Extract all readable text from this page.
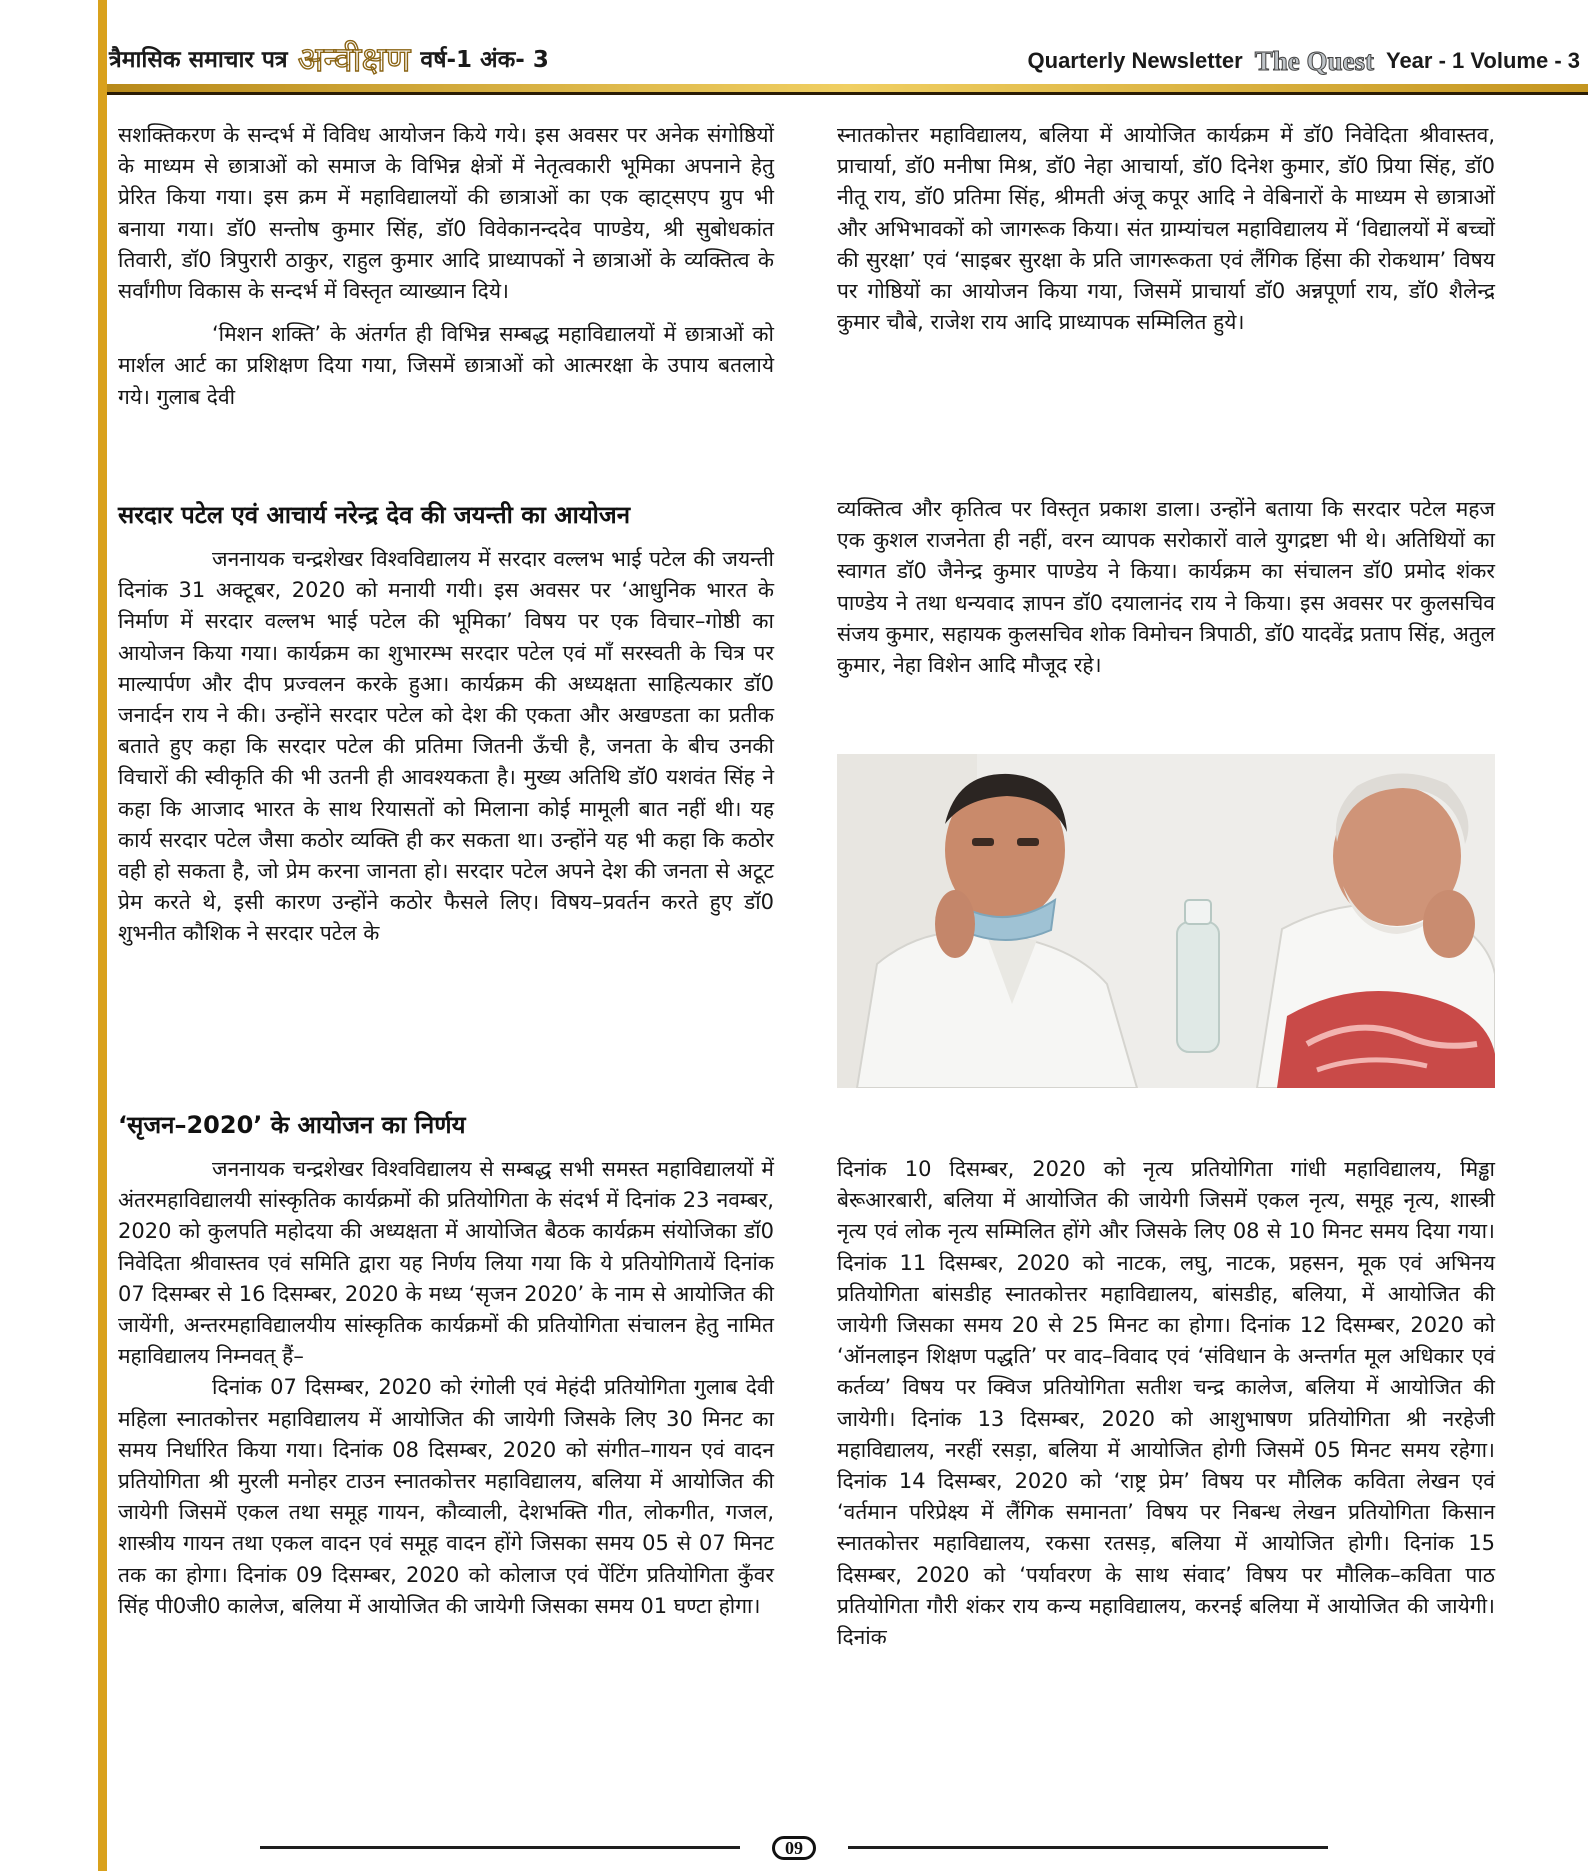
त्रैमासिक समाचार पत्र अन्वीक्षण वर्ष-1 अंक- 3	Quarterly Newsletter The Quest Year - 1 Volume - 3

सशक्तिकरण के सन्दर्भ में विविध आयोजन किये गये। इस अवसर पर अनेक संगोष्ठियों के माध्यम से छात्राओं को समाज के विभिन्न क्षेत्रों में नेतृत्वकारी भूमिका अपनाने हेतु प्रेरित किया गया। इस क्रम में महाविद्यालयों की छात्राओं का एक व्हाट्सएप ग्रुप भी बनाया गया। डॉ0 सन्तोष कुमार सिंह, डॉ0 विवेकानन्ददेव पाण्डेय, श्री सुबोधकांत तिवारी, डॉ0 त्रिपुरारी ठाकुर, राहुल कुमार आदि प्राध्यापकों ने छात्राओं के व्यक्तित्व के सर्वांगीण विकास के सन्दर्भ में विस्तृत व्याख्यान दिये।

‘मिशन शक्ति’ के अंतर्गत ही विभिन्न सम्बद्ध महाविद्यालयों में छात्राओं को मार्शल आर्ट का प्रशिक्षण दिया गया, जिसमें छात्राओं को आत्मरक्षा के उपाय बतलाये गये। गुलाब देवी

स्नातकोत्तर महाविद्यालय, बलिया में आयोजित कार्यक्रम में डॉ0 निवेदिता श्रीवास्तव, प्राचार्या, डॉ0 मनीषा मिश्र, डॉ0 नेहा आचार्या, डॉ0 दिनेश कुमार, डॉ0 प्रिया सिंह, डॉ0 नीतू राय, डॉ0 प्रतिमा सिंह, श्रीमती अंजू कपूर आदि ने वेबिनारों के माध्यम से छात्राओं और अभिभावकों को जागरूक किया। संत ग्राम्यांचल महाविद्यालय में ‘विद्यालयों में बच्चों की सुरक्षा’ एवं ‘साइबर सुरक्षा के प्रति जागरूकता एवं लैंगिक हिंसा की रोकथाम’ विषय पर गोष्ठियों का आयोजन किया गया, जिसमें प्राचार्या डॉ0 अन्नपूर्णा राय, डॉ0 शैलेन्द्र कुमार चौबे, राजेश राय आदि प्राध्यापक सम्मिलित हुये।

सरदार पटेल एवं आचार्य नरेन्द्र देव की जयन्ती का आयोजन

जननायक चन्द्रशेखर विश्वविद्यालय में सरदार वल्लभ भाई पटेल की जयन्ती दिनांक 31 अक्टूबर, 2020 को मनायी गयी। इस अवसर पर ‘आधुनिक भारत के निर्माण में सरदार वल्लभ भाई पटेल की भूमिका’ विषय पर एक विचार–गोष्ठी का आयोजन किया गया। कार्यक्रम का शुभारम्भ सरदार पटेल एवं माँ सरस्वती के चित्र पर माल्यार्पण और दीप प्रज्वलन करके हुआ। कार्यक्रम की अध्यक्षता साहित्यकार डॉ0 जनार्दन राय ने की। उन्होंने सरदार पटेल को देश की एकता और अखण्डता का प्रतीक बताते हुए कहा कि सरदार पटेल की प्रतिमा जितनी ऊँची है, जनता के बीच उनकी विचारों की स्वीकृति की भी उतनी ही आवश्यकता है। मुख्य अतिथि डॉ0 यशवंत सिंह ने कहा कि आजाद भारत के साथ रियासतों को मिलाना कोई मामूली बात नहीं थी। यह कार्य सरदार पटेल जैसा कठोर व्यक्ति ही कर सकता था। उन्होंने यह भी कहा कि कठोर वही हो सकता है, जो प्रेम करना जानता हो। सरदार पटेल अपने देश की जनता से अटूट प्रेम करते थे, इसी कारण उन्होंने कठोर फैसले लिए। विषय–प्रवर्तन करते हुए डॉ0 शुभनीत कौशिक ने सरदार पटेल के

व्यक्तित्व और कृतित्व पर विस्तृत प्रकाश डाला। उन्होंने बताया कि सरदार पटेल महज एक कुशल राजनेता ही नहीं, वरन व्यापक सरोकारों वाले युगद्रष्टा भी थे। अतिथियों का स्वागत डॉ0 जैनेन्द्र कुमार पाण्डेय ने किया। कार्यक्रम का संचालन डॉ0 प्रमोद शंकर पाण्डेय ने तथा धन्यवाद ज्ञापन डॉ0 दयालानंद राय ने किया। इस अवसर पर कुलसचिव संजय कुमार, सहायक कुलसचिव शोक विमोचन त्रिपाठी, डॉ0 यादवेंद्र प्रताप सिंह, अतुल कुमार, नेहा विशेन आदि मौजूद रहे।

‘सृजन–2020’ के आयोजन का निर्णय

जननायक चन्द्रशेखर विश्वविद्यालय से सम्बद्ध सभी समस्त महाविद्यालयों में अंतरमहाविद्यालयी सांस्कृतिक कार्यक्रमों की प्रतियोगिता के संदर्भ में दिनांक 23 नवम्बर, 2020 को कुलपति महोदया की अध्यक्षता में आयोजित बैठक कार्यक्रम संयोजिका डॉ0 निवेदिता श्रीवास्तव एवं समिति द्वारा यह निर्णय लिया गया कि ये प्रतियोगितायें दिनांक 07 दिसम्बर से 16 दिसम्बर, 2020 के मध्य ‘सृजन 2020’ के नाम से आयोजित की जायेंगी, अन्तरमहाविद्यालयीय सांस्कृतिक कार्यक्रमों की प्रतियोगिता संचालन हेतु नामित महाविद्यालय निम्नवत् हैं–

दिनांक 07 दिसम्बर, 2020 को रंगोली एवं मेहंदी प्रतियोगिता गुलाब देवी महिला स्नातकोत्तर महाविद्यालय में आयोजित की जायेगी जिसके लिए 30 मिनट का समय निर्धारित किया गया। दिनांक 08 दिसम्बर, 2020 को संगीत–गायन एवं वादन प्रतियोगिता श्री मुरली मनोहर टाउन स्नातकोत्तर महाविद्यालय, बलिया में आयोजित की जायेगी जिसमें एकल तथा समूह गायन, कौव्वाली, देशभक्ति गीत, लोकगीत, गजल, शास्त्रीय गायन तथा एकल वादन एवं समूह वादन होंगे जिसका समय 05 से 07 मिनट तक का होगा। दिनांक 09 दिसम्बर, 2020 को कोलाज एवं पेंटिंग प्रतियोगिता कुँवर सिंह पी0जी0 कालेज, बलिया में आयोजित की जायेगी जिसका समय 01 घण्टा होगा।

दिनांक 10 दिसम्बर, 2020 को नृत्य प्रतियोगिता गांधी महाविद्यालय, मिड्ढा बेरूआरबारी, बलिया में आयोजित की जायेगी जिसमें एकल नृत्य, समूह नृत्य, शास्त्री नृत्य एवं लोक नृत्य सम्मिलित होंगे और जिसके लिए 08 से 10 मिनट समय दिया गया। दिनांक 11 दिसम्बर, 2020 को नाटक, लघु, नाटक, प्रहसन, मूक एवं अभिनय प्रतियोगिता बांसडीह स्नातकोत्तर महाविद्यालय, बांसडीह, बलिया, में आयोजित की जायेगी जिसका समय 20 से 25 मिनट का होगा। दिनांक 12 दिसम्बर, 2020 को ‘ऑनलाइन शिक्षण पद्धति’ पर वाद–विवाद एवं ‘संविधान के अन्तर्गत मूल अधिकार एवं कर्तव्य’ विषय पर क्विज प्रतियोगिता सतीश चन्द्र कालेज, बलिया में आयोजित की जायेगी। दिनांक 13 दिसम्बर, 2020 को आशुभाषण प्रतियोगिता श्री नरहेजी महाविद्यालय, नरहीं रसड़ा, बलिया में आयोजित होगी जिसमें 05 मिनट समय रहेगा। दिनांक 14 दिसम्बर, 2020 को ‘राष्ट्र प्रेम’ विषय पर मौलिक कविता लेखन एवं ‘वर्तमान परिप्रेक्ष्य में लैंगिक समानता’ विषय पर निबन्ध लेखन प्रतियोगिता किसान स्नातकोत्तर महाविद्यालय, रकसा रतसड़, बलिया में आयोजित होगी। दिनांक 15 दिसम्बर, 2020 को ‘पर्यावरण के साथ संवाद’ विषय पर मौलिक–कविता पाठ प्रतियोगिता गौरी शंकर राय कन्य महाविद्यालय, करनई बलिया में आयोजित की जायेगी। दिनांक

09
